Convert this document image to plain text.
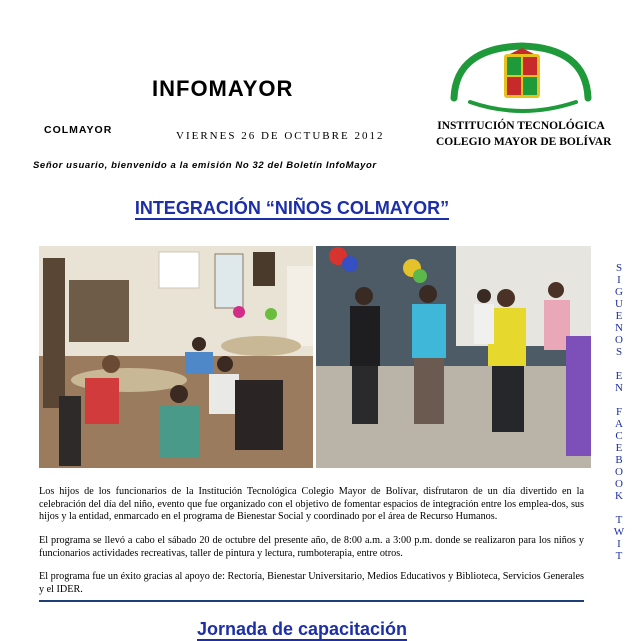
INFOMAYOR
COLMAYOR	VIERNES 26 DE OCTUBRE 2012
Señor usuario, bienvenido a la emisión No 32 del Boletín InfoMayor
INSTITUCIÓN TECNOLÓGICA
COLEGIO MAYOR DE BOLÍVAR
INTEGRACIÓN “NIÑOS COLMAYOR”
Los hijos de los funcionarios de la Institución Tecnológica Colegio Mayor de Bolívar, disfrutaron de un día divertido en la celebración del día del niño, evento que fue organizado con el objetivo de fomentar espacios de integración entre los emplea-dos, sus hijos y la entidad, enmarcado en el programa de Bienestar Social y coordinado por el área de Recurso Humanos.
El programa se llevó a cabo el sábado 20 de octubre del presente año, de 8:00 a.m. a 3:00 p.m. donde se realizaron para los niños y funcionarios actividades recreativas, taller de pintura y lectura, rumboterapia, entre otros.
El programa fue un éxito gracias al apoyo de: Rectoría, Bienestar Universitario, Medios Educativos y Biblioteca, Servicios Generales y el IDER.
Jornada de capacitación
S
I
G
U
E
N
O
S

E
N

F
A
C
E
B
O
O
K

T
W
I
T
